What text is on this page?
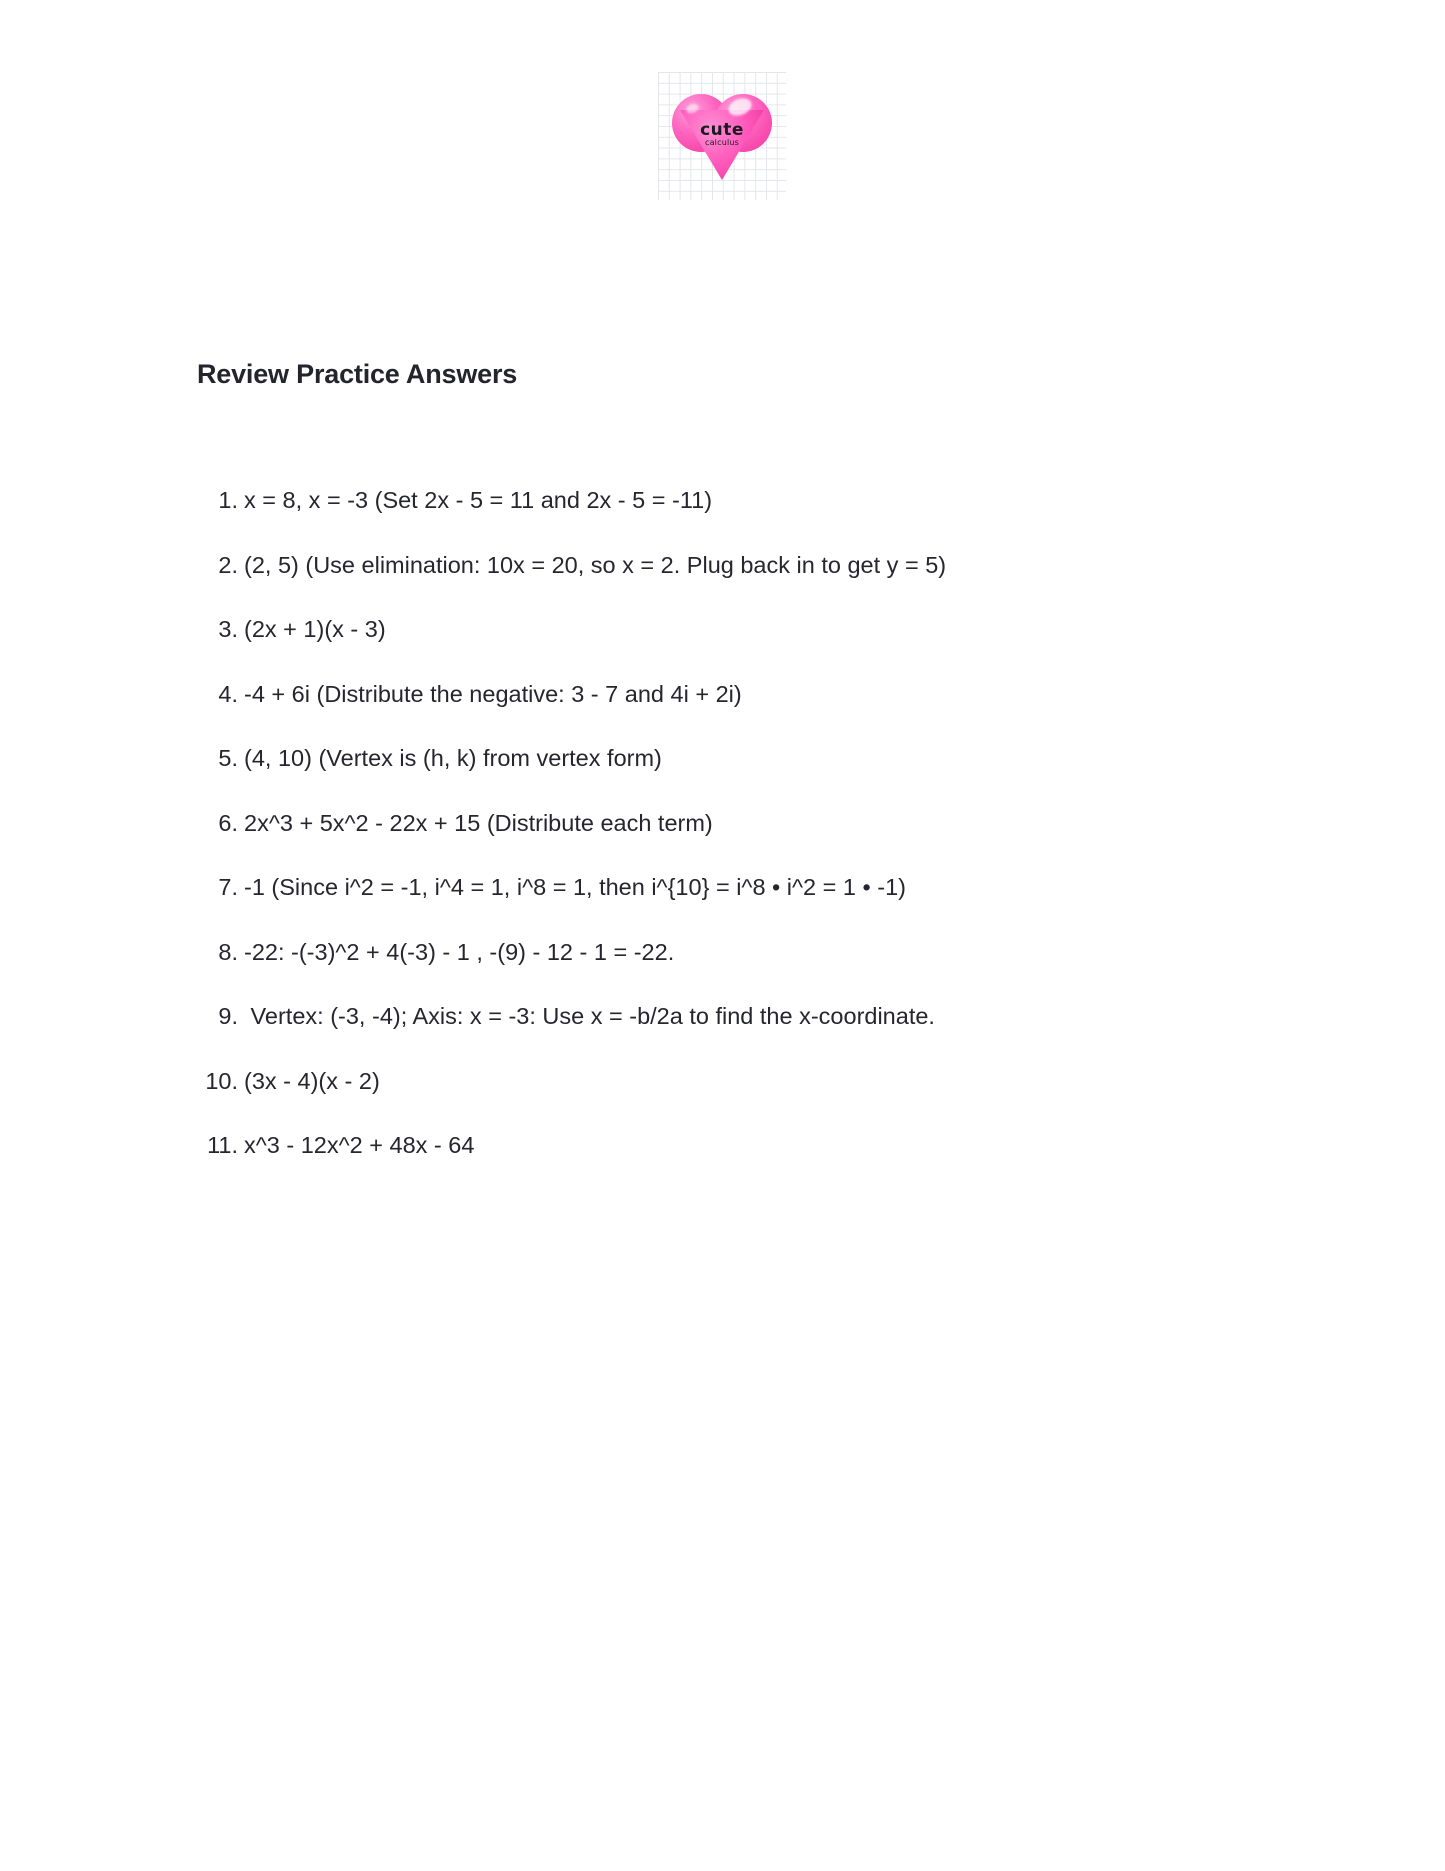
cute
calculus
Review Practice Answers
1. x = 8, x = -3 (Set 2x - 5 = 11 and 2x - 5 = -11)
2. (2, 5) (Use elimination: 10x = 20, so x = 2. Plug back in to get y = 5)
3. (2x + 1)(x - 3)
4. -4 + 6i (Distribute the negative: 3 - 7 and 4i + 2i)
5. (4, 10) (Vertex is (h, k) from vertex form)
6. 2x^3 + 5x^2 - 22x + 15 (Distribute each term)
7. -1 (Since i^2 = -1, i^4 = 1, i^8 = 1, then i^{10} = i^8 • i^2 = 1 • -1)
8. -22: -(-3)^2 + 4(-3) - 1 , -(9) - 12 - 1 = -22.
9. Vertex: (-3, -4); Axis: x = -3: Use x = -b/2a to find the x-coordinate.
10. (3x - 4)(x - 2)
11. x^3 - 12x^2 + 48x - 64
